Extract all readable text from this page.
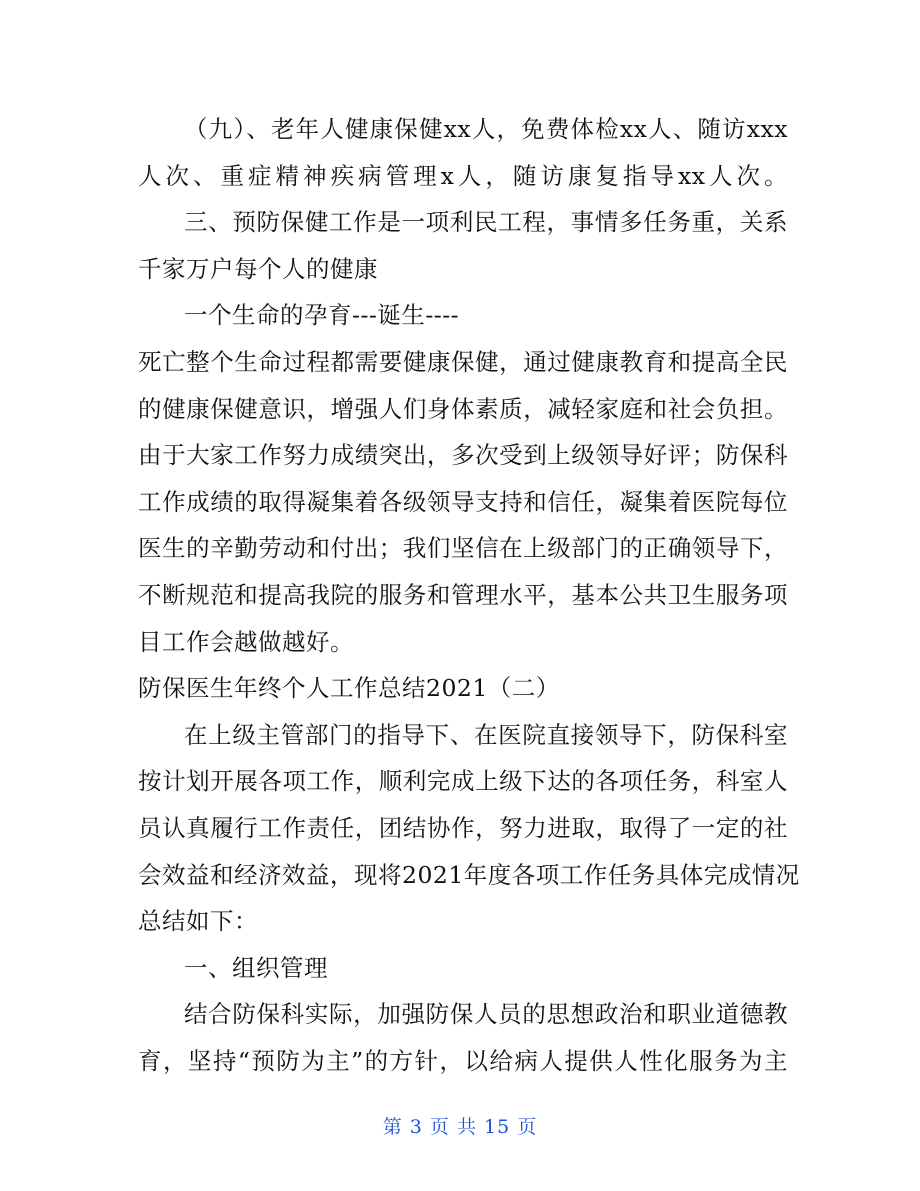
（九）、老年人健康保健xx人，免费体检xx人、随访xxx
人次、重症精神疾病管理x人，随访康复指导xx人次。
三、预防保健工作是一项利民工程，事情多任务重，关系
千家万户每个人的健康
一个生命的孕育---诞生----
死亡整个生命过程都需要健康保健，通过健康教育和提高全民
的健康保健意识，增强人们身体素质，减轻家庭和社会负担。
由于大家工作努力成绩突出，多次受到上级领导好评；防保科
工作成绩的取得凝集着各级领导支持和信任，凝集着医院每位
医生的辛勤劳动和付出；我们坚信在上级部门的正确领导下，
不断规范和提高我院的服务和管理水平，基本公共卫生服务项
目工作会越做越好。
防保医生年终个人工作总结2021（二）
在上级主管部门的指导下、在医院直接领导下，防保科室
按计划开展各项工作，顺利完成上级下达的各项任务，科室人
员认真履行工作责任，团结协作，努力进取，取得了一定的社
会效益和经济效益，现将2021年度各项工作任务具体完成情况
总结如下：
一、组织管理
结合防保科实际，加强防保人员的思想政治和职业道德教
育，坚持“预防为主”的方针，以给病人提供人性化服务为主
第 3 页 共 15 页
